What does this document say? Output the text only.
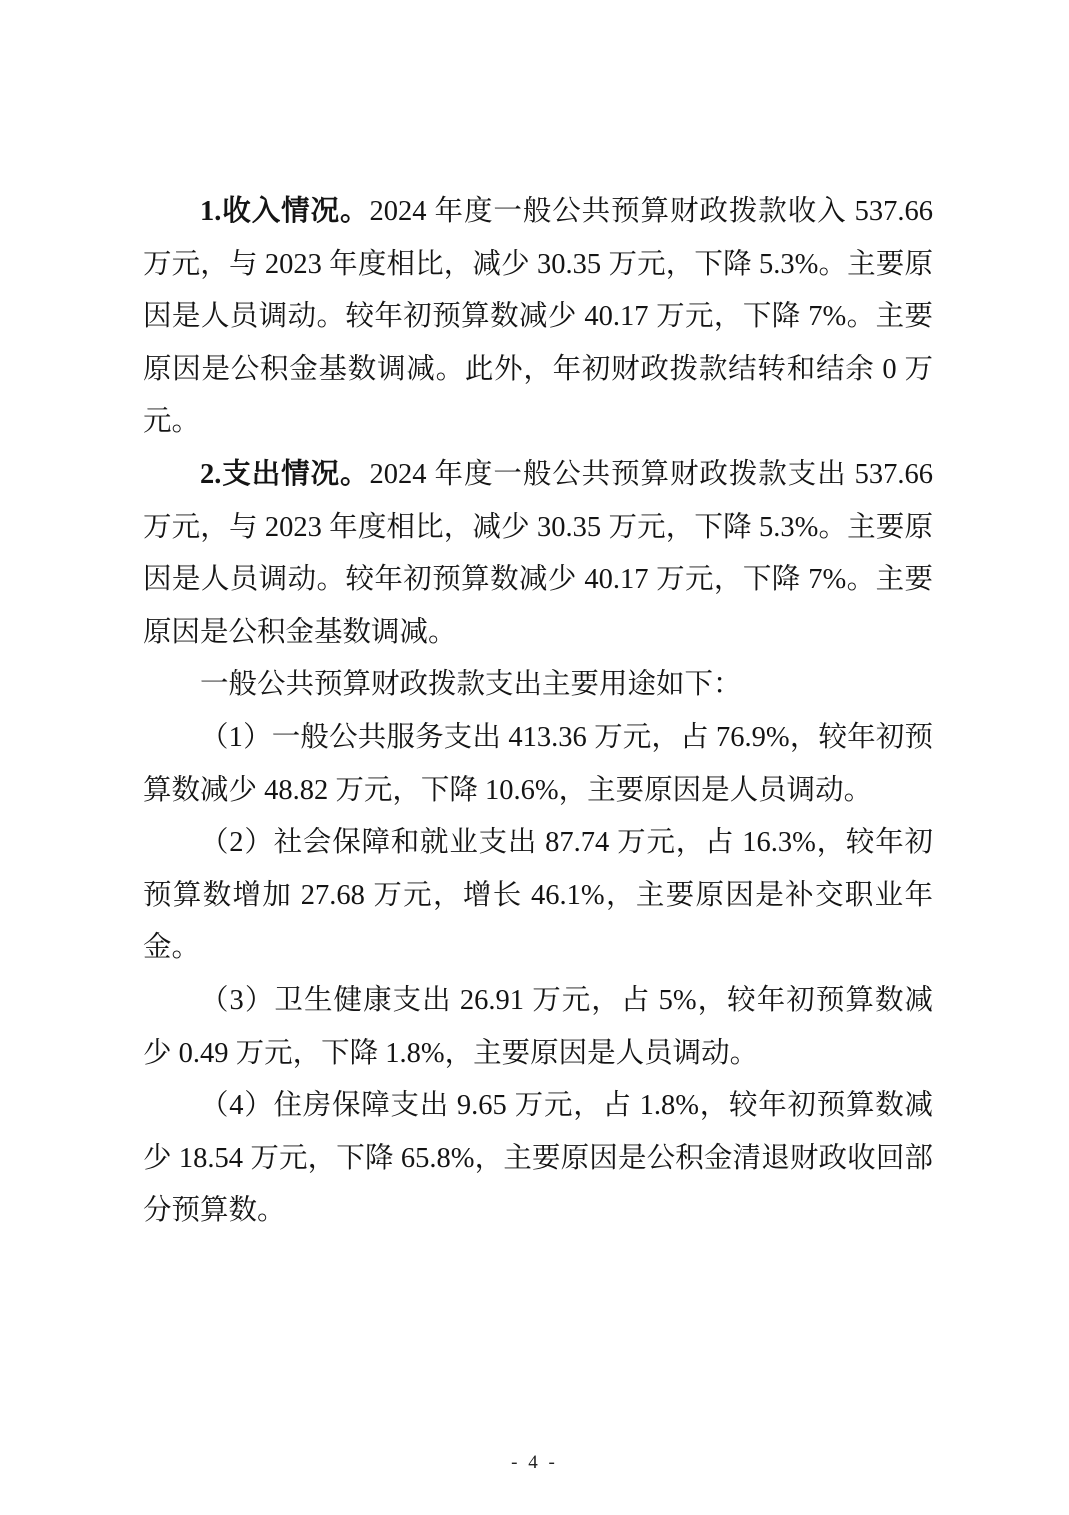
1.收入情况。2024 年度一般公共预算财政拨款收入 537.66 万元，与 2023 年度相比，减少 30.35 万元，下降 5.3%。主要原因是人员调动。较年初预算数减少 40.17 万元，下降 7%。主要原因是公积金基数调减。此外，年初财政拨款结转和结余 0 万元。

2.支出情况。2024 年度一般公共预算财政拨款支出 537.66 万元，与 2023 年度相比，减少 30.35 万元，下降 5.3%。主要原因是人员调动。较年初预算数减少 40.17 万元，下降 7%。主要原因是公积金基数调减。

一般公共预算财政拨款支出主要用途如下：

（1）一般公共服务支出 413.36 万元，占 76.9%，较年初预算数减少 48.82 万元，下降 10.6%，主要原因是人员调动。

（2）社会保障和就业支出 87.74 万元，占 16.3%，较年初预算数增加 27.68 万元，增长 46.1%，主要原因是补交职业年金。

（3）卫生健康支出 26.91 万元，占 5%，较年初预算数减少 0.49 万元，下降 1.8%，主要原因是人员调动。

（4）住房保障支出 9.65 万元，占 1.8%，较年初预算数减少 18.54 万元，下降 65.8%，主要原因是公积金清退财政收回部分预算数。

- 4 -
